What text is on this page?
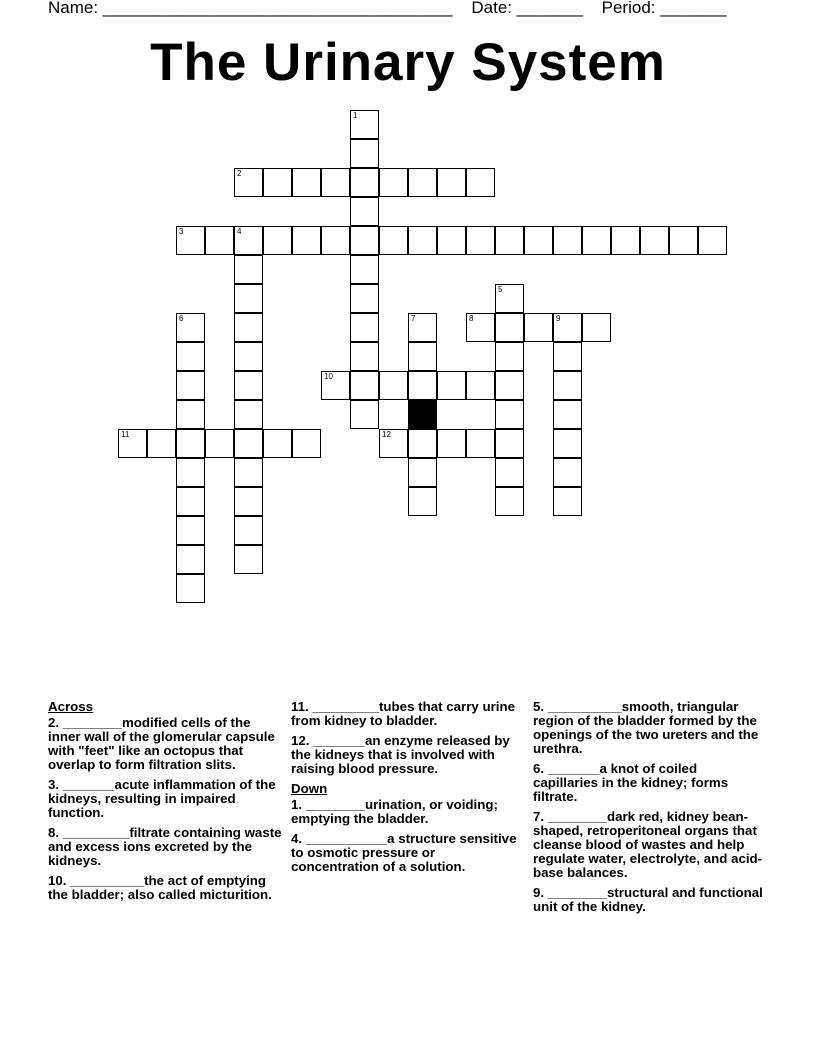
Name: _____________________________________ Date: _______ Period: _______
The Urinary System
1
2
3	4
5
6	7	8	9
10
11	12
Across
2. ________modified cells of the inner wall of the glomerular capsule with "feet" like an octopus that overlap to form filtration slits.
3. _______acute inflammation of the kidneys, resulting in impaired function.
8. _________filtrate containing waste and excess ions excreted by the kidneys.
10. __________the act of emptying the bladder; also called micturition.
11. _________tubes that carry urine from kidney to bladder.
12. _______an enzyme released by the kidneys that is involved with raising blood pressure.
Down
1. ________urination, or voiding; emptying the bladder.
4. ___________a structure sensitive to osmotic pressure or concentration of a solution.
5. __________smooth, triangular region of the bladder formed by the openings of the two ureters and the urethra.
6. _______a knot of coiled capillaries in the kidney; forms filtrate.
7. ________dark red, kidney bean-shaped, retroperitoneal organs that cleanse blood of wastes and help regulate water, electrolyte, and acid-base balances.
9. ________structural and functional unit of the kidney.
